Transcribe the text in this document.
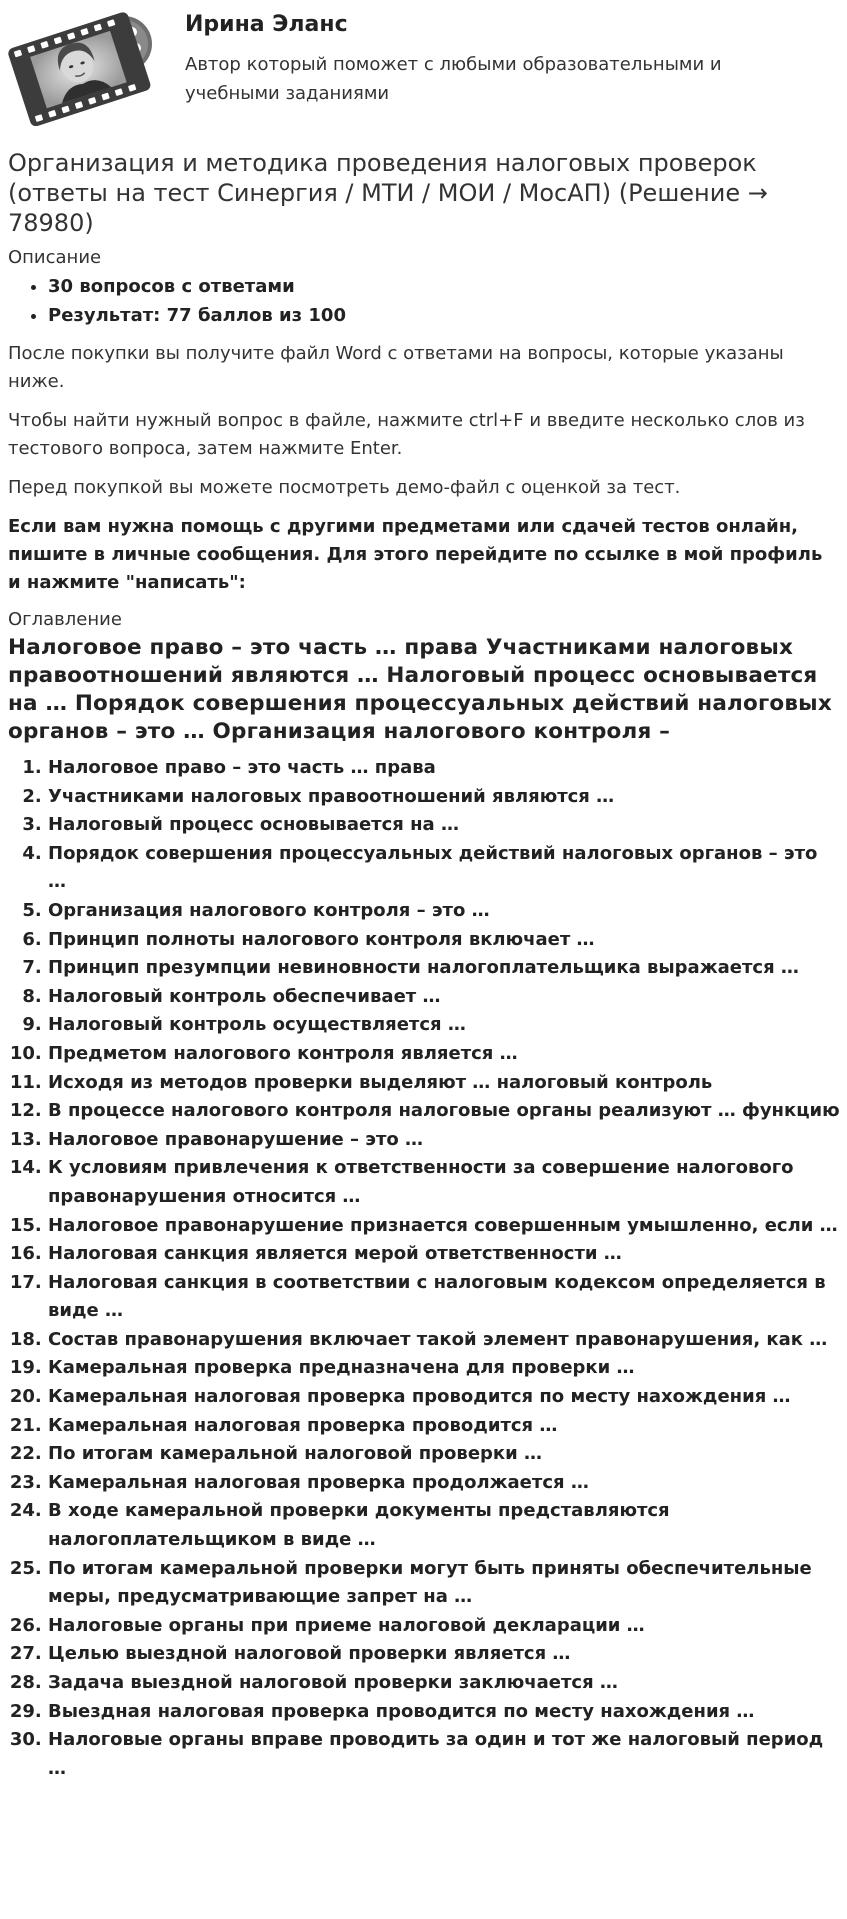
Ирина Эланс
Автор который поможет с любыми образовательными и учебными заданиями
Организация и методика проведения налоговых проверок (ответы на тест Синергия / МТИ / МОИ / МосАП) (Решение → 78980)

Описание

• 30 вопросов с ответами
• Результат: 77 баллов из 100

После покупки вы получите файл Word с ответами на вопросы, которые указаны ниже.

Чтобы найти нужный вопрос в файле, нажмите ctrl+F и введите несколько слов из тестового вопроса, затем нажмите Enter.

Перед покупкой вы можете посмотреть демо-файл с оценкой за тест.

Если вам нужна помощь с другими предметами или сдачей тестов онлайн, пишите в личные сообщения. Для этого перейдите по ссылке в мой профиль и нажмите "написать":

Оглавление

Налоговое право – это часть … права Участниками налоговых правоотношений являются … Налоговый процесс основывается на … Порядок совершения процессуальных действий налоговых органов – это … Организация налогового контроля –
1. Налоговое право – это часть … права
2. Участниками налоговых правоотношений являются …
3. Налоговый процесс основывается на …
4. Порядок совершения процессуальных действий налоговых органов – это …
5. Организация налогового контроля – это …
6. Принцип полноты налогового контроля включает …
7. Принцип презумпции невиновности налогоплательщика выражается …
8. Налоговый контроль обеспечивает …
9. Налоговый контроль осуществляется …
10. Предметом налогового контроля является …
11. Исходя из методов проверки выделяют … налоговый контроль
12. В процессе налогового контроля налоговые органы реализуют … функцию
13. Налоговое правонарушение – это …
14. К условиям привлечения к ответственности за совершение налогового правонарушения относится …
15. Налоговое правонарушение признается совершенным умышленно, если …
16. Налоговая санкция является мерой ответственности …
17. Налоговая санкция в соответствии с налоговым кодексом определяется в виде …
18. Состав правонарушения включает такой элемент правонарушения, как …
19. Камеральная проверка предназначена для проверки …
20. Камеральная налоговая проверка проводится по месту нахождения …
21. Камеральная налоговая проверка проводится …
22. По итогам камеральной налоговой проверки …
23. Камеральная налоговая проверка продолжается …
24. В ходе камеральной проверки документы представляются налогоплательщиком в виде …
25. По итогам камеральной проверки могут быть приняты обеспечительные меры, предусматривающие запрет на …
26. Налоговые органы при приеме налоговой декларации …
27. Целью выездной налоговой проверки является …
28. Задача выездной налоговой проверки заключается …
29. Выездная налоговая проверка проводится по месту нахождения …
30. Налоговые органы вправе проводить за один и тот же налоговый период …
